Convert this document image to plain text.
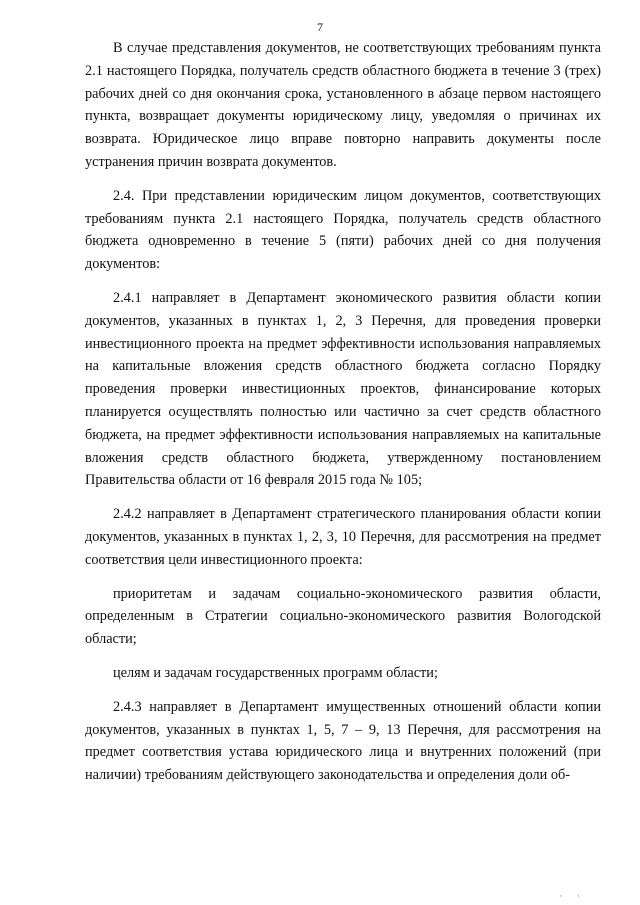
7

В случае представления документов, не соответствующих требованиям пункта 2.1 настоящего Порядка, получатель средств областного бюджета в течение 3 (трех) рабочих дней со дня окончания срока, установленного в абзаце первом настоящего пункта, возвращает документы юридическому лицу, уведомляя о причинах их возврата. Юридическое лицо вправе повторно направить документы после устранения причин возврата документов.

2.4. При представлении юридическим лицом документов, соответствующих требованиям пункта 2.1 настоящего Порядка, получатель средств областного бюджета одновременно в течение 5 (пяти) рабочих дней со дня получения документов:

2.4.1 направляет в Департамент экономического развития области копии документов, указанных в пунктах 1, 2, 3 Перечня, для проведения проверки инвестиционного проекта на предмет эффективности использования направляемых на капитальные вложения средств областного бюджета согласно Порядку проведения проверки инвестиционных проектов, финансирование которых планируется осуществлять полностью или частично за счет средств областного бюджета, на предмет эффективности использования направляемых на капитальные вложения средств областного бюджета, утвержденному постановлением Правительства области от 16 февраля 2015 года № 105;

2.4.2 направляет в Департамент стратегического планирования области копии документов, указанных в пунктах 1, 2, 3, 10 Перечня, для рассмотрения на предмет соответствия цели инвестиционного проекта:

приоритетам и задачам социально-экономического развития области, определенным в Стратегии социально-экономического развития Вологодской области;

целям и задачам государственных программ области;

2.4.3 направляет в Департамент имущественных отношений области копии документов, указанных в пунктах 1, 5, 7 – 9, 13 Перечня, для рассмотрения на предмет соответствия устава юридического лица и внутренних положений (при наличии) требованиям действующего законодательства и определения доли об-

· ·
